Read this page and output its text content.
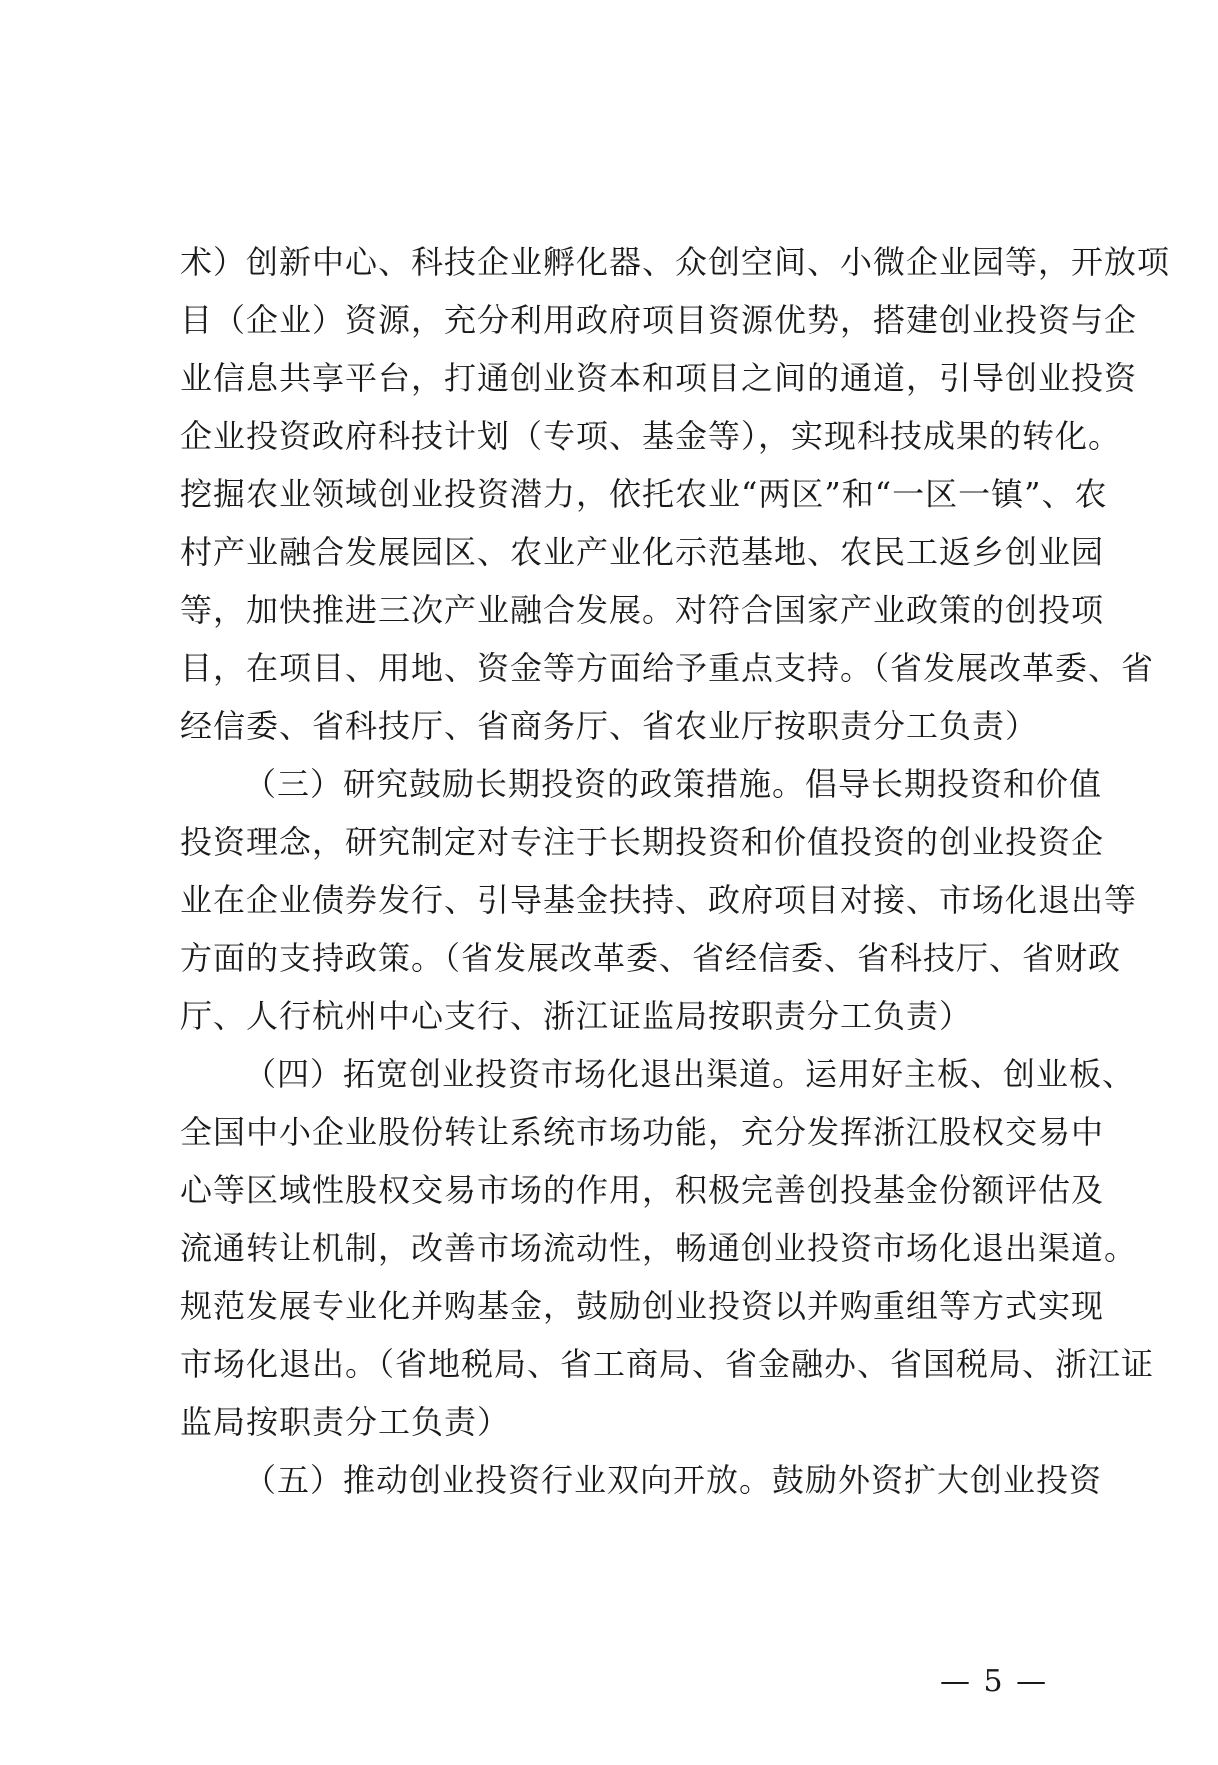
术）创新中心、科技企业孵化器、众创空间、小微企业园等，开放项
目（企业）资源，充分利用政府项目资源优势，搭建创业投资与企
业信息共享平台，打通创业资本和项目之间的通道，引导创业投资
企业投资政府科技计划（专项、基金等），实现科技成果的转化。
挖掘农业领域创业投资潜力，依托农业“两区”和“一区一镇”、农
村产业融合发展园区、农业产业化示范基地、农民工返乡创业园
等，加快推进三次产业融合发展。对符合国家产业政策的创投项
目，在项目、用地、资金等方面给予重点支持。（省发展改革委、省
经信委、省科技厅、省商务厅、省农业厅按职责分工负责）
（三）研究鼓励长期投资的政策措施。倡导长期投资和价值
投资理念，研究制定对专注于长期投资和价值投资的创业投资企
业在企业债券发行、引导基金扶持、政府项目对接、市场化退出等
方面的支持政策。（省发展改革委、省经信委、省科技厅、省财政
厅、人行杭州中心支行、浙江证监局按职责分工负责）
（四）拓宽创业投资市场化退出渠道。运用好主板、创业板、
全国中小企业股份转让系统市场功能，充分发挥浙江股权交易中
心等区域性股权交易市场的作用，积极完善创投基金份额评估及
流通转让机制，改善市场流动性，畅通创业投资市场化退出渠道。
规范发展专业化并购基金，鼓励创业投资以并购重组等方式实现
市场化退出。（省地税局、省工商局、省金融办、省国税局、浙江证
监局按职责分工负责）
（五）推动创业投资行业双向开放。鼓励外资扩大创业投资
— 5 —
